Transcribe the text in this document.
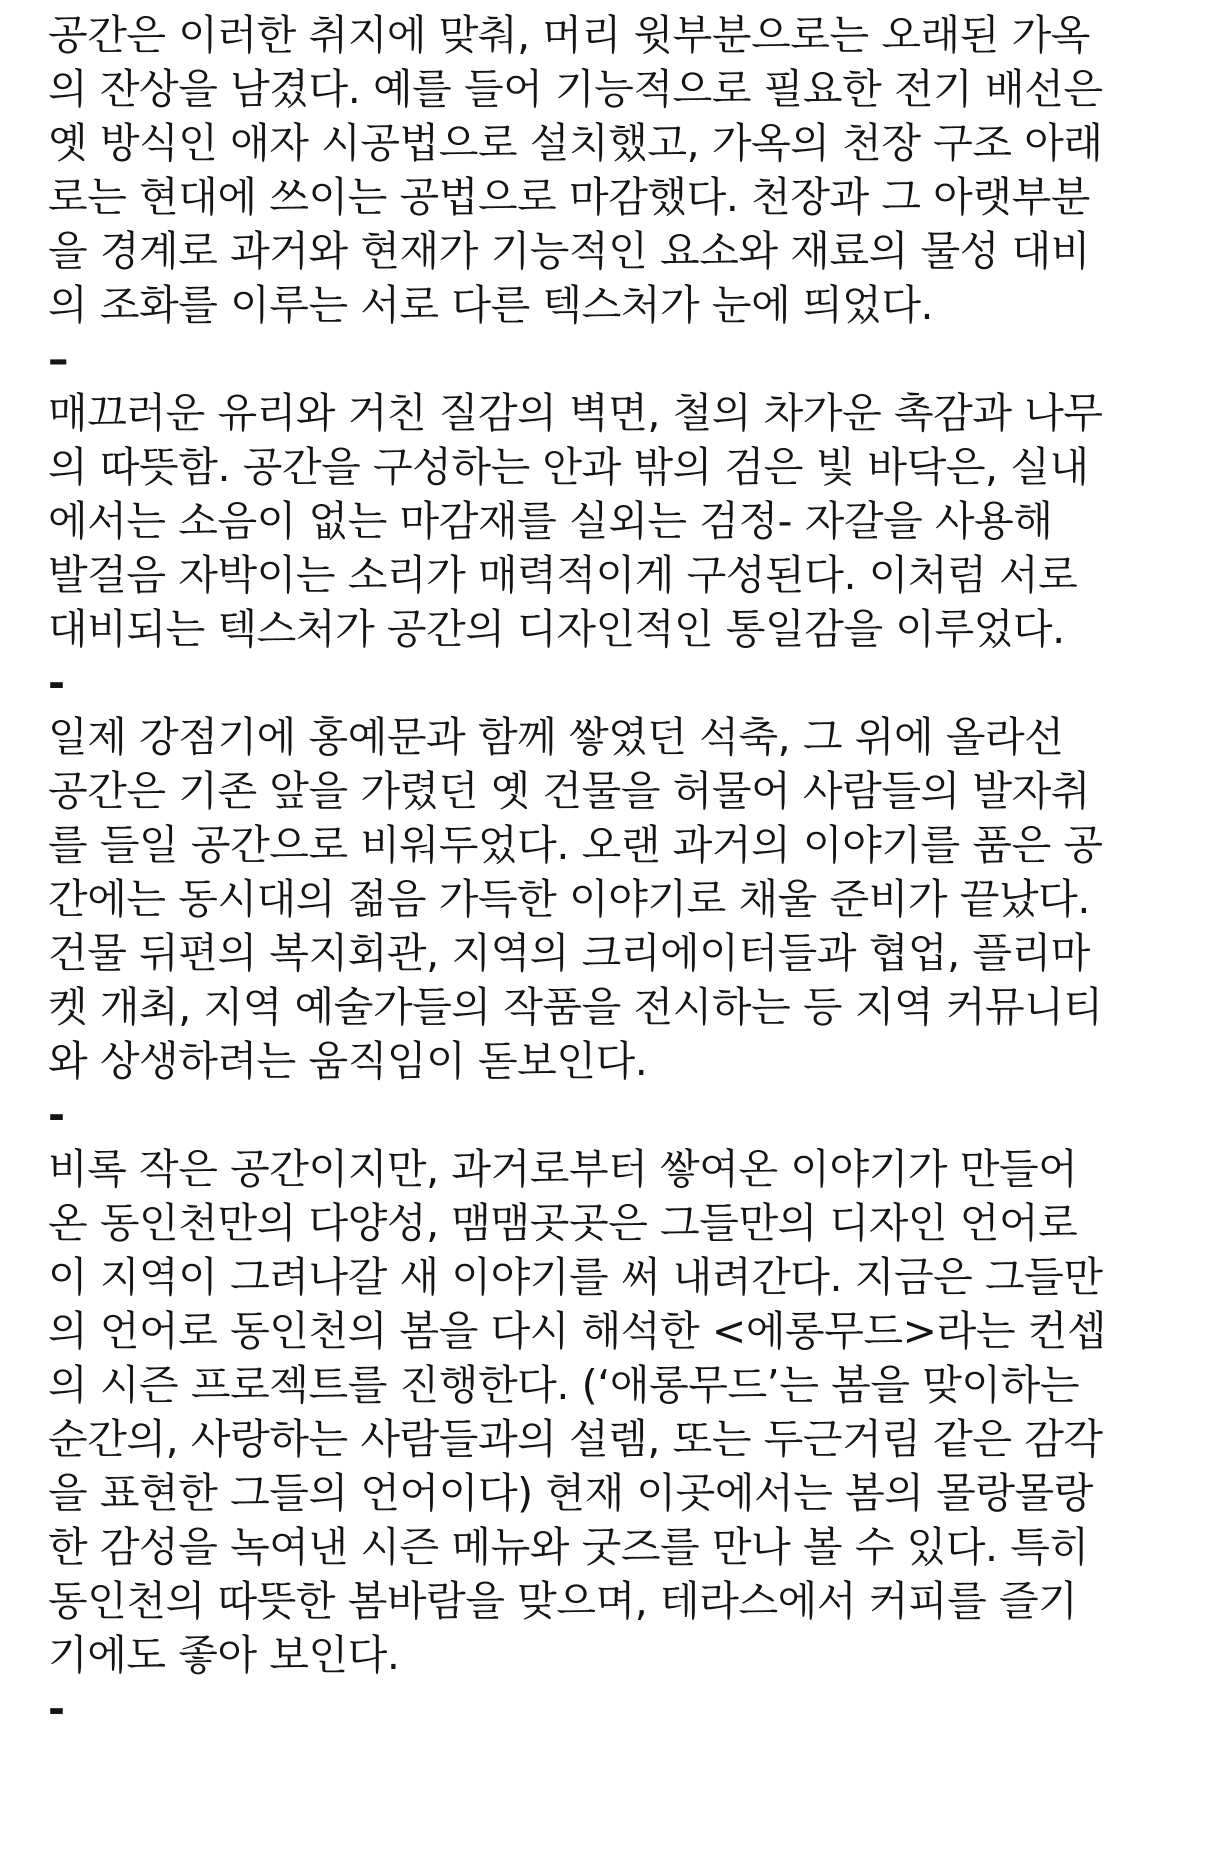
공간은 이러한 취지에 맞춰, 머리 윗부분으로는 오래된 가옥
의 잔상을 남겼다. 예를 들어 기능적으로 필요한 전기 배선은
옛 방식인 애자 시공법으로 설치했고, 가옥의 천장 구조 아래
로는 현대에 쓰이는 공법으로 마감했다. 천장과 그 아랫부분
을 경계로 과거와 현재가 기능적인 요소와 재료의 물성 대비
의 조화를 이루는 서로 다른 텍스처가 눈에 띄었다.
–
매끄러운 유리와 거친 질감의 벽면, 철의 차가운 촉감과 나무
의 따뜻함. 공간을 구성하는 안과 밖의 검은 빛 바닥은, 실내
에서는 소음이 없는 마감재를 실외는 검정- 자갈을 사용해
발걸음 자박이는 소리가 매력적이게 구성된다. 이처럼 서로
대비되는 텍스처가 공간의 디자인적인 통일감을 이루었다.
-
일제 강점기에 홍예문과 함께 쌓였던 석축, 그 위에 올라선
공간은 기존 앞을 가렸던 옛 건물을 허물어 사람들의 발자취
를 들일 공간으로 비워두었다. 오랜 과거의 이야기를 품은 공
간에는 동시대의 젊음 가득한 이야기로 채울 준비가 끝났다.
건물 뒤편의 복지회관, 지역의 크리에이터들과 협업, 플리마
켓 개최, 지역 예술가들의 작품을 전시하는 등 지역 커뮤니티
와 상생하려는 움직임이 돋보인다.
-
비록 작은 공간이지만, 과거로부터 쌓여온 이야기가 만들어
온 동인천만의 다양성, 맴맴곳곳은 그들만의 디자인 언어로
이 지역이 그려나갈 새 이야기를 써 내려간다. 지금은 그들만
의 언어로 동인천의 봄을 다시 해석한 <에롱무드>라는 컨셉
의 시즌 프로젝트를 진행한다. (‘애롱무드’는 봄을 맞이하는
순간의, 사랑하는 사람들과의 설렘, 또는 두근거림 같은 감각
을 표현한 그들의 언어이다) 현재 이곳에서는 봄의 몰랑몰랑
한 감성을 녹여낸 시즌 메뉴와 굿즈를 만나 볼 수 있다. 특히
동인천의 따뜻한 봄바람을 맞으며, 테라스에서 커피를 즐기
기에도 좋아 보인다.
-
